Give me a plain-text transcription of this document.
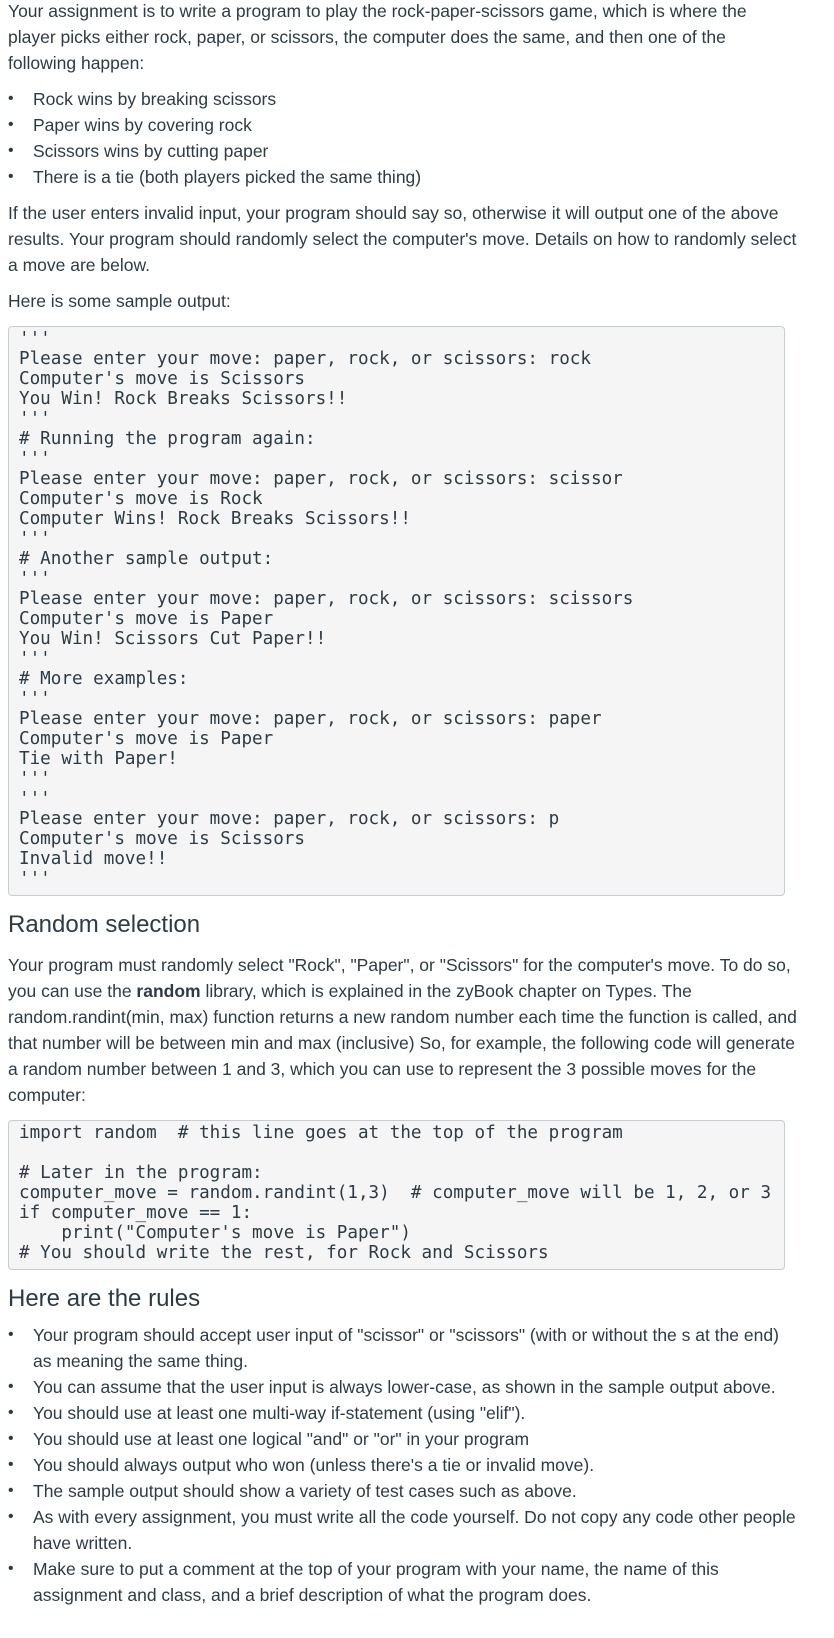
Your assignment is to write a program to play the rock-paper-scissors game, which is where the player picks either rock, paper, or scissors, the computer does the same, and then one of the following happen:

• Rock wins by breaking scissors
• Paper wins by covering rock
• Scissors wins by cutting paper
• There is a tie (both players picked the same thing)

If the user enters invalid input, your program should say so, otherwise it will output one of the above results. Your program should randomly select the computer's move. Details on how to randomly select a move are below.

Here is some sample output:

'''
Please enter your move: paper, rock, or scissors: rock
Computer's move is Scissors
You Win! Rock Breaks Scissors!!
'''
# Running the program again:
'''
Please enter your move: paper, rock, or scissors: scissor
Computer's move is Rock
Computer Wins! Rock Breaks Scissors!!
'''
# Another sample output:
'''
Please enter your move: paper, rock, or scissors: scissors
Computer's move is Paper
You Win! Scissors Cut Paper!!
'''
# More examples:
'''
Please enter your move: paper, rock, or scissors: paper
Computer's move is Paper
Tie with Paper!
'''
'''
Please enter your move: paper, rock, or scissors: p
Computer's move is Scissors
Invalid move!!
'''
Random selection

Your program must randomly select "Rock", "Paper", or "Scissors" for the computer's move. To do so, you can use the random library, which is explained in the zyBook chapter on Types. The random.randint(min, max) function returns a new random number each time the function is called, and that number will be between min and max (inclusive) So, for example, the following code will generate a random number between 1 and 3, which you can use to represent the 3 possible moves for the computer:

import random  # this line goes at the top of the program
# Later in the program:
computer_move = random.randint(1,3)  # computer_move will be 1, 2, or 3
if computer_move == 1:
print("Computer's move is Paper")
# You should write the rest, for Rock and Scissors
Here are the rules
• Your program should accept user input of "scissor" or "scissors" (with or without the s at the end) as meaning the same thing.
• You can assume that the user input is always lower-case, as shown in the sample output above.
• You should use at least one multi-way if-statement (using "elif").
• You should use at least one logical "and" or "or" in your program
• You should always output who won (unless there's a tie or invalid move).
• The sample output should show a variety of test cases such as above.
• As with every assignment, you must write all the code yourself. Do not copy any code other people have written.
• Make sure to put a comment at the top of your program with your name, the name of this assignment and class, and a brief description of what the program does.
